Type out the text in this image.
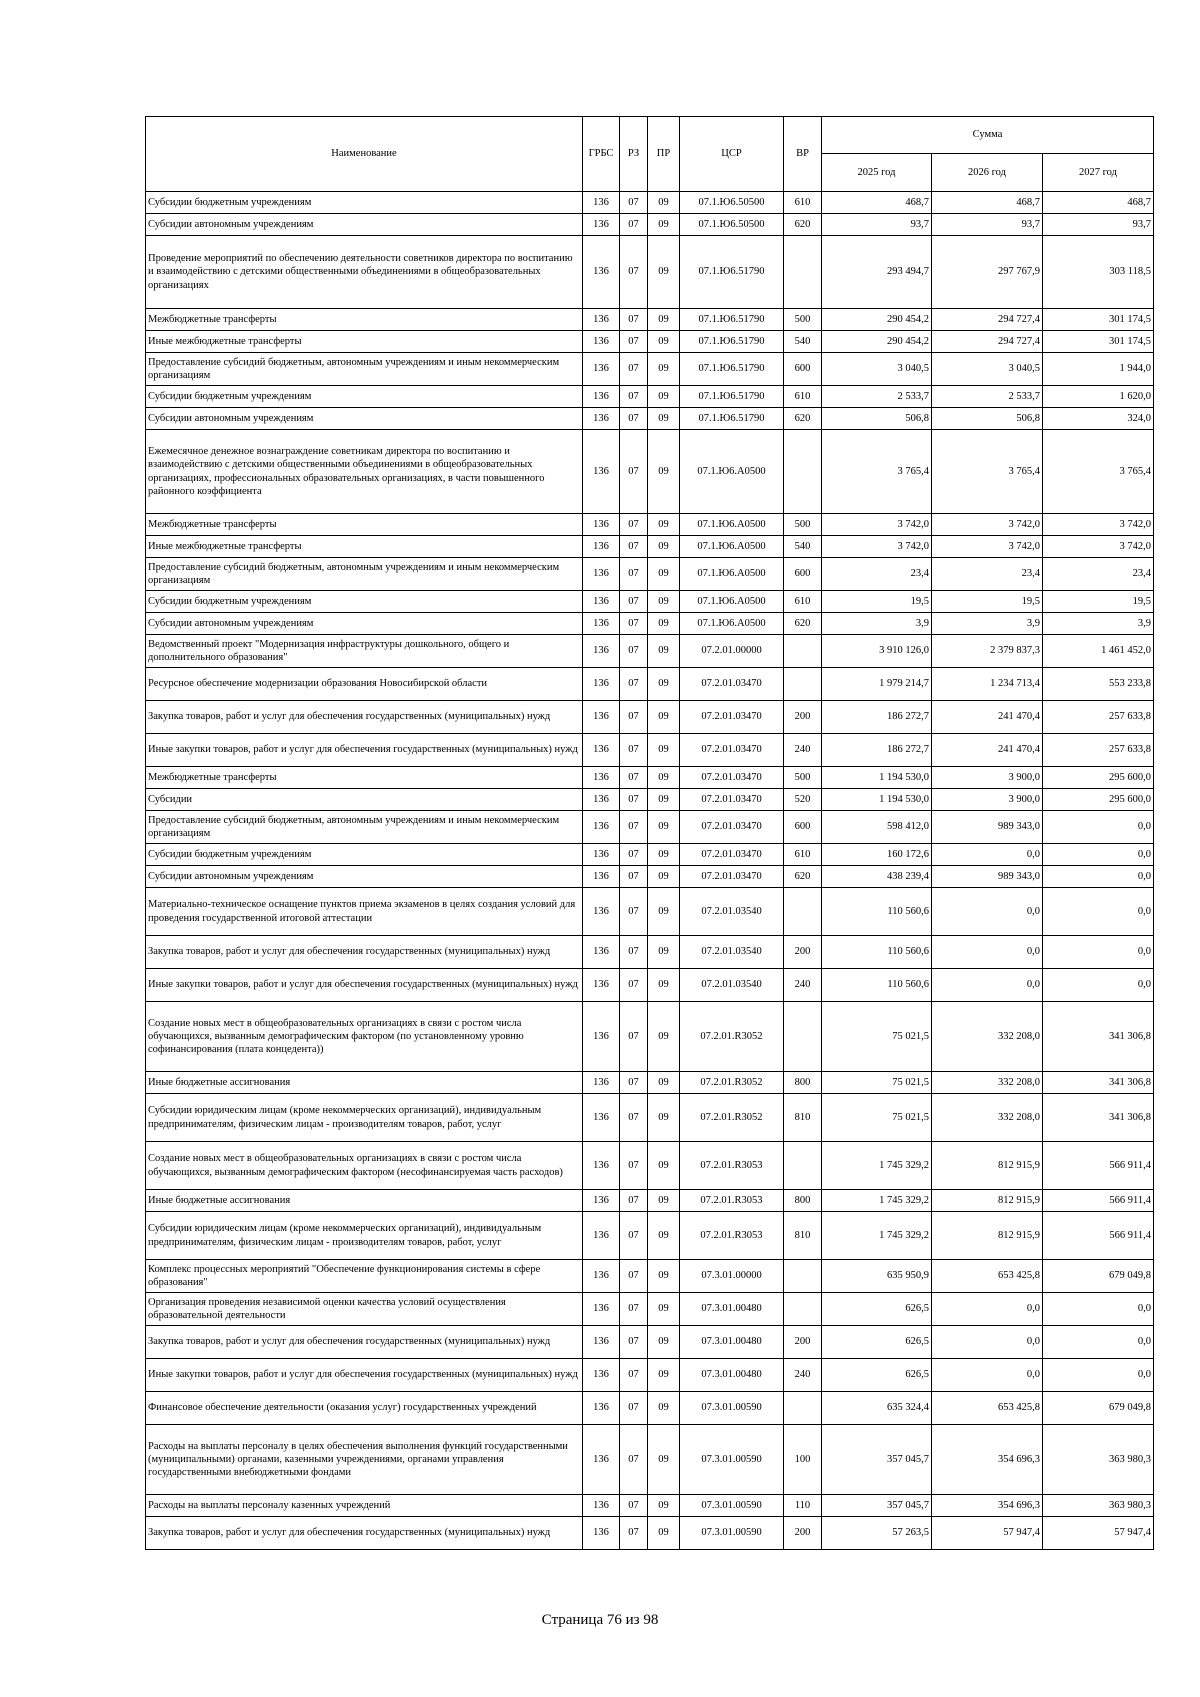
Наименование	ГРБС	РЗ	ПР	ЦСР	ВР	Сумма		
						2025 год	2026 год	2027 год
Субсидии бюджетным учреждениям	136	07	09	07.1.Ю6.50500	610	468,7	468,7	468,7
Субсидии автономным учреждениям	136	07	09	07.1.Ю6.50500	620	93,7	93,7	93,7
Проведение мероприятий по обеспечению деятельности советников директора по воспитанию и взаимодействию с детскими общественными объединениями в общеобразовательных организациях	136	07	09	07.1.Ю6.51790		293 494,7	297 767,9	303 118,5
Межбюджетные трансферты	136	07	09	07.1.Ю6.51790	500	290 454,2	294 727,4	301 174,5
Иные межбюджетные трансферты	136	07	09	07.1.Ю6.51790	540	290 454,2	294 727,4	301 174,5
Предоставление субсидий бюджетным, автономным учреждениям и иным некоммерческим организациям	136	07	09	07.1.Ю6.51790	600	3 040,5	3 040,5	1 944,0
Субсидии бюджетным учреждениям	136	07	09	07.1.Ю6.51790	610	2 533,7	2 533,7	1 620,0
Субсидии автономным учреждениям	136	07	09	07.1.Ю6.51790	620	506,8	506,8	324,0
Ежемесячное денежное вознаграждение советникам директора по воспитанию и взаимодействию с детскими общественными объединениями в общеобразовательных организациях, профессиональных образовательных организациях, в части повышенного районного коэффициента	136	07	09	07.1.Ю6.А0500		3 765,4	3 765,4	3 765,4
Межбюджетные трансферты	136	07	09	07.1.Ю6.А0500	500	3 742,0	3 742,0	3 742,0
Иные межбюджетные трансферты	136	07	09	07.1.Ю6.А0500	540	3 742,0	3 742,0	3 742,0
Предоставление субсидий бюджетным, автономным учреждениям и иным некоммерческим организациям	136	07	09	07.1.Ю6.А0500	600	23,4	23,4	23,4
Субсидии бюджетным учреждениям	136	07	09	07.1.Ю6.А0500	610	19,5	19,5	19,5
Субсидии автономным учреждениям	136	07	09	07.1.Ю6.А0500	620	3,9	3,9	3,9
Ведомственный проект "Модернизация инфраструктуры дошкольного, общего и дополнительного образования"	136	07	09	07.2.01.00000		3 910 126,0	2 379 837,3	1 461 452,0
Ресурсное обеспечение модернизации образования Новосибирской области	136	07	09	07.2.01.03470		1 979 214,7	1 234 713,4	553 233,8
Закупка товаров, работ и услуг для обеспечения государственных (муниципальных) нужд	136	07	09	07.2.01.03470	200	186 272,7	241 470,4	257 633,8
Иные закупки товаров, работ и услуг для обеспечения государственных (муниципальных) нужд	136	07	09	07.2.01.03470	240	186 272,7	241 470,4	257 633,8
Межбюджетные трансферты	136	07	09	07.2.01.03470	500	1 194 530,0	3 900,0	295 600,0
Субсидии	136	07	09	07.2.01.03470	520	1 194 530,0	3 900,0	295 600,0
Предоставление субсидий бюджетным, автономным учреждениям и иным некоммерческим организациям	136	07	09	07.2.01.03470	600	598 412,0	989 343,0	0,0
Субсидии бюджетным учреждениям	136	07	09	07.2.01.03470	610	160 172,6	0,0	0,0
Субсидии автономным учреждениям	136	07	09	07.2.01.03470	620	438 239,4	989 343,0	0,0
Материально-техническое оснащение пунктов приема экзаменов в целях создания условий для проведения государственной итоговой аттестации	136	07	09	07.2.01.03540		110 560,6	0,0	0,0
Закупка товаров, работ и услуг для обеспечения государственных (муниципальных) нужд	136	07	09	07.2.01.03540	200	110 560,6	0,0	0,0
Иные закупки товаров, работ и услуг для обеспечения государственных (муниципальных) нужд	136	07	09	07.2.01.03540	240	110 560,6	0,0	0,0
Создание новых мест в общеобразовательных организациях в связи с ростом числа обучающихся, вызванным демографическим фактором (по установленному уровню софинансирования (плата концедента))	136	07	09	07.2.01.R3052		75 021,5	332 208,0	341 306,8
Иные бюджетные ассигнования	136	07	09	07.2.01.R3052	800	75 021,5	332 208,0	341 306,8
Субсидии юридическим лицам (кроме некоммерческих организаций), индивидуальным предпринимателям, физическим лицам - производителям товаров, работ, услуг	136	07	09	07.2.01.R3052	810	75 021,5	332 208,0	341 306,8
Создание новых мест в общеобразовательных организациях в связи с ростом числа обучающихся, вызванным демографическим фактором (несофинансируемая часть расходов)	136	07	09	07.2.01.R3053		1 745 329,2	812 915,9	566 911,4
Иные бюджетные ассигнования	136	07	09	07.2.01.R3053	800	1 745 329,2	812 915,9	566 911,4
Субсидии юридическим лицам (кроме некоммерческих организаций), индивидуальным предпринимателям, физическим лицам - производителям товаров, работ, услуг	136	07	09	07.2.01.R3053	810	1 745 329,2	812 915,9	566 911,4
Комплекс процессных мероприятий "Обеспечение функционирования системы в сфере образования"	136	07	09	07.3.01.00000		635 950,9	653 425,8	679 049,8
Организация проведения независимой оценки качества условий осуществления образовательной деятельности	136	07	09	07.3.01.00480		626,5	0,0	0,0
Закупка товаров, работ и услуг для обеспечения государственных (муниципальных) нужд	136	07	09	07.3.01.00480	200	626,5	0,0	0,0
Иные закупки товаров, работ и услуг для обеспечения государственных (муниципальных) нужд	136	07	09	07.3.01.00480	240	626,5	0,0	0,0
Финансовое обеспечение деятельности (оказания услуг) государственных учреждений	136	07	09	07.3.01.00590		635 324,4	653 425,8	679 049,8
Расходы на выплаты персоналу в целях обеспечения выполнения функций государственными (муниципальными) органами, казенными учреждениями, органами управления государственными внебюджетными фондами	136	07	09	07.3.01.00590	100	357 045,7	354 696,3	363 980,3
Расходы на выплаты персоналу казенных учреждений	136	07	09	07.3.01.00590	110	357 045,7	354 696,3	363 980,3
Закупка товаров, работ и услуг для обеспечения государственных (муниципальных) нужд	136	07	09	07.3.01.00590	200	57 263,5	57 947,4	57 947,4
Страница 76 из 98
